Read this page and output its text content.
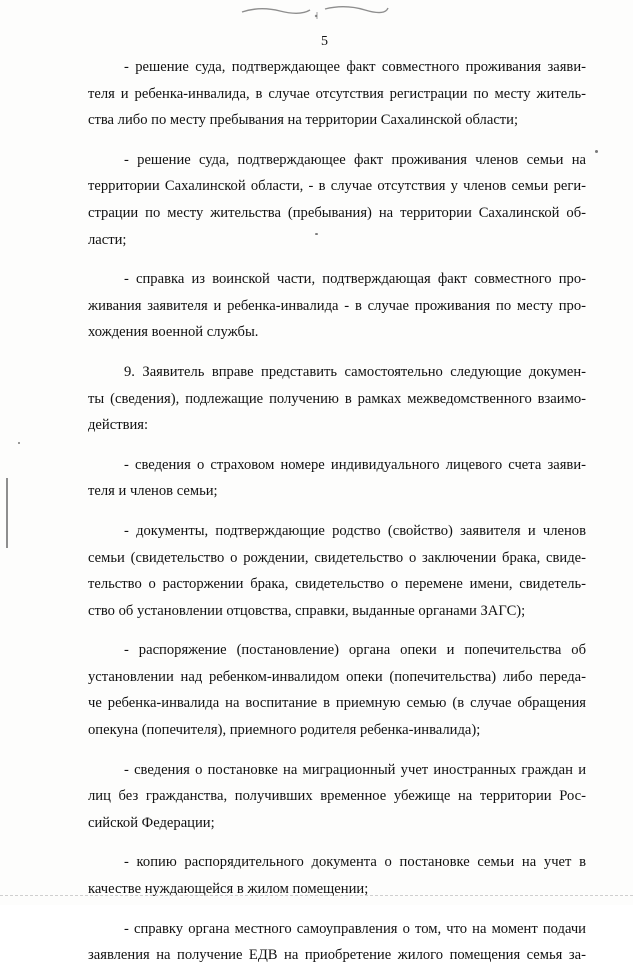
5
- решение суда, подтверждающее факт совместного проживания заяви-
теля и ребенка-инвалида, в случае отсутствия регистрации по месту житель-
ства либо по месту пребывания на территории Сахалинской области;
- решение суда, подтверждающее факт проживания членов семьи на
территории Сахалинской области, - в случае отсутствия у членов семьи реги-
страции по месту жительства (пребывания) на территории Сахалинской об-
ласти;
- справка из воинской части, подтверждающая факт совместного про-
живания заявителя и ребенка-инвалида - в случае проживания по месту про-
хождения военной службы.
9. Заявитель вправе представить самостоятельно следующие докумен-
ты (сведения), подлежащие получению в рамках межведомственного взаимо-
действия:
- сведения о страховом номере индивидуального лицевого счета заяви-
теля и членов семьи;
- документы, подтверждающие родство (свойство) заявителя и членов
семьи (свидетельство о рождении, свидетельство о заключении брака, свиде-
тельство о расторжении брака, свидетельство о перемене имени, свидетель-
ство об установлении отцовства, справки, выданные органами ЗАГС);
- распоряжение (постановление) органа опеки и попечительства об
установлении над ребенком-инвалидом опеки (попечительства) либо переда-
че ребенка-инвалида на воспитание в приемную семью (в случае обращения
опекуна (попечителя), приемного родителя ребенка-инвалида);
- сведения о постановке на миграционный учет иностранных граждан и
лиц без гражданства, получивших временное убежище на территории Рос-
сийской Федерации;
- копию распорядительного документа о постановке семьи на учет в
качестве нуждающейся в жилом помещении;
- справку органа местного самоуправления о том, что на момент подачи
заявления на получение ЕДВ на приобретение жилого помещения семья за-
